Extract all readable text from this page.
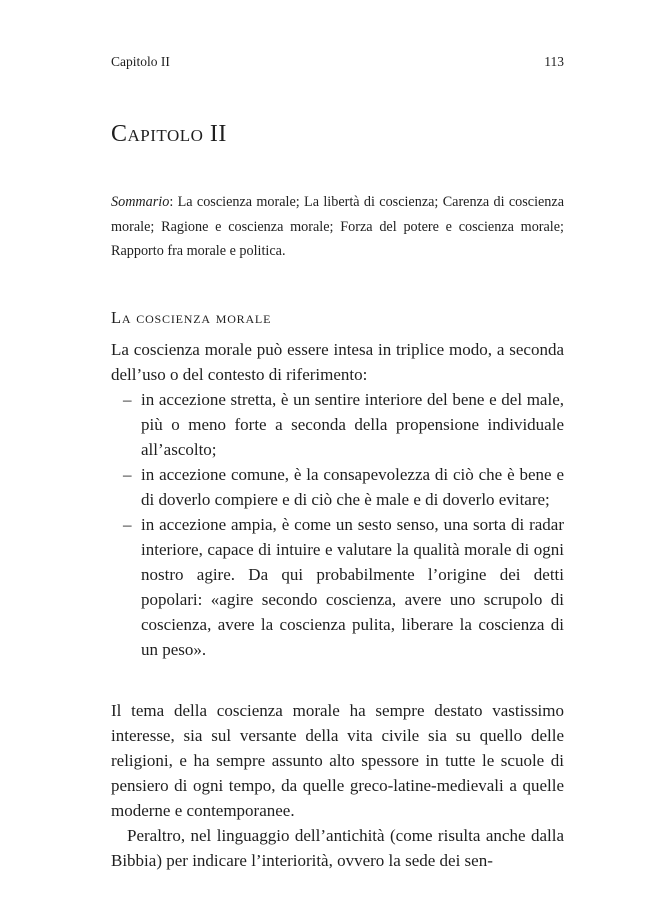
Capitolo II	113
Capitolo II

Sommario: La coscienza morale; La libertà di coscienza; Carenza di coscienza morale; Ragione e coscienza morale; Forza del potere e coscienza morale; Rapporto fra morale e politica.

La coscienza morale

La coscienza morale può essere intesa in triplice modo, a seconda dell’uso o del contesto di riferimento:

– in accezione stretta, è un sentire interiore del bene e del male, più o meno forte a seconda della propensione individuale all’ascolto;
– in accezione comune, è la consapevolezza di ciò che è bene e di doverlo compiere e di ciò che è male e di doverlo evitare;
– in accezione ampia, è come un sesto senso, una sorta di radar interiore, capace di intuire e valutare la qualità morale di ogni nostro agire. Da qui probabilmente l’origine dei detti popolari: «agire secondo coscienza, avere uno scrupolo di coscienza, avere la coscienza pulita, liberare la coscienza di un peso».

Il tema della coscienza morale ha sempre destato vastissimo interesse, sia sul versante della vita civile sia su quello delle religioni, e ha sempre assunto alto spessore in tutte le scuole di pensiero di ogni tempo, da quelle greco-latine-medievali a quelle moderne e contemporanee.

Peraltro, nel linguaggio dell’antichità (come risulta anche dalla Bibbia) per indicare l’interiorità, ovvero la sede dei sen-
